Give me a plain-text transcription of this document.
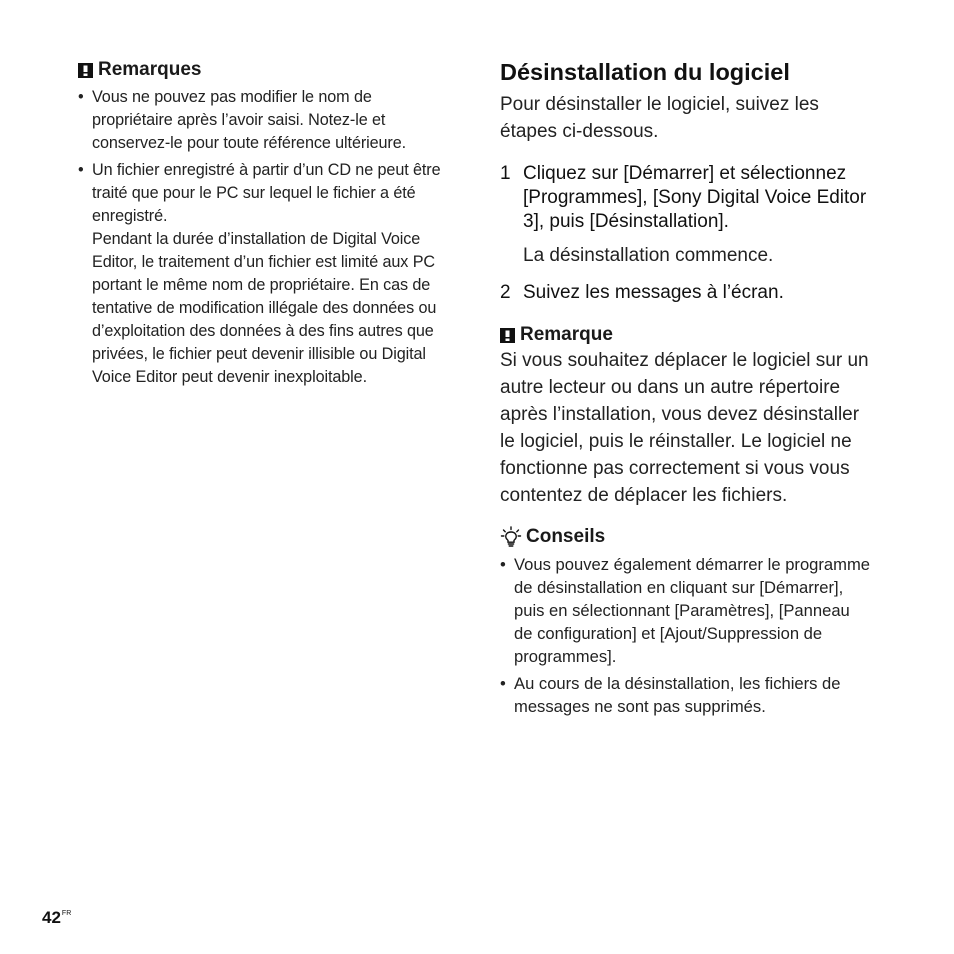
Remarques
• Vous ne pouvez pas modifier le nom de propriétaire après l’avoir saisi. Notez-le et conservez-le pour toute référence ultérieure.
• Un fichier enregistré à partir d’un CD ne peut être traité que pour le PC sur lequel le fichier a été enregistré.
Pendant la durée d’installation de Digital Voice Editor, le traitement d’un fichier est limité aux PC portant le même nom de propriétaire. En cas de tentative de modification illégale des données ou d’exploitation des données à des fins autres que privées, le fichier peut devenir illisible ou Digital Voice Editor peut devenir inexploitable.
Désinstallation du logiciel

Pour désinstaller le logiciel, suivez les étapes ci-dessous.

1 Cliquez sur [Démarrer] et sélectionnez [Programmes], [Sony Digital Voice Editor 3], puis [Désinstallation].
La désinstallation commence.
2 Suivez les messages à l’écran.
Remarque

Si vous souhaitez déplacer le logiciel sur un autre lecteur ou dans un autre répertoire après l’installation, vous devez désinstaller le logiciel, puis le réinstaller. Le logiciel ne fonctionne pas correctement si vous vous contentez de déplacer les fichiers.

Conseils
• Vous pouvez également démarrer le programme de désinstallation en cliquant sur [Démarrer], puis en sélectionnant [Paramètres], [Panneau de configuration] et [Ajout/Suppression de programmes].
• Au cours de la désinstallation, les fichiers de messages ne sont pas supprimés.
$42^{FR}$
